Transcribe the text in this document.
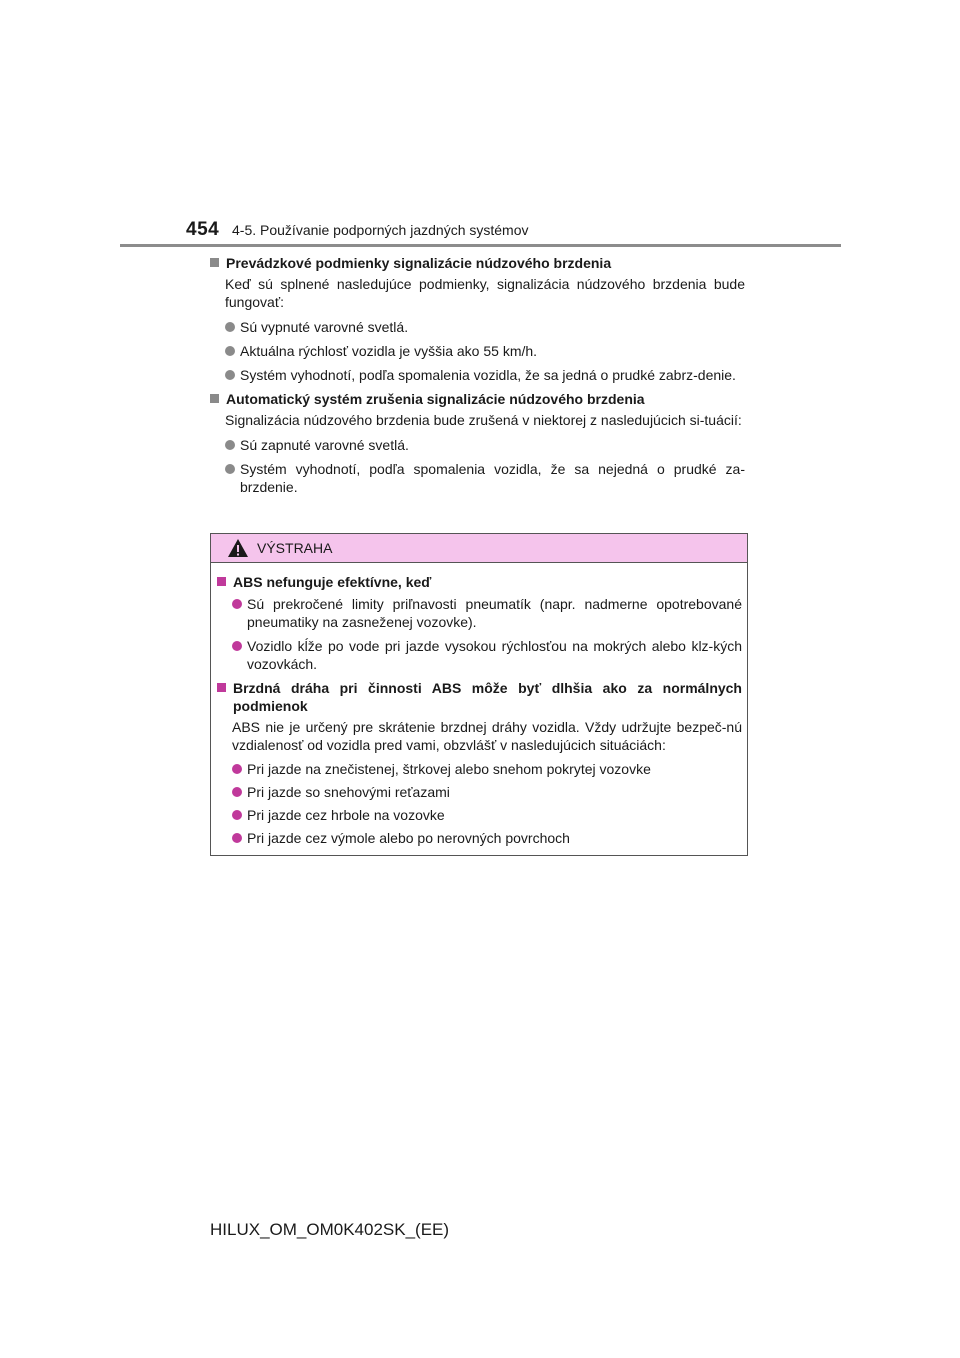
454 4-5. Používanie podporných jazdných systémov
Prevádzkové podmienky signalizácie núdzového brzdenia
Keď sú splnené nasledujúce podmienky, signalizácia núdzového brzdenia bude fungovať:
Sú vypnuté varovné svetlá.
Aktuálna rýchlosť vozidla je vyššia ako 55 km/h.
Systém vyhodnotí, podľa spomalenia vozidla, že sa jedná o prudké zabrz-denie.
Automatický systém zrušenia signalizácie núdzového brzdenia
Signalizácia núdzového brzdenia bude zrušená v niektorej z nasledujúcich si-tuácií:
Sú zapnuté varovné svetlá.
Systém vyhodnotí, podľa spomalenia vozidla, že sa nejedná o prudké za-brzdenie.
VÝSTRAHA
ABS nefunguje efektívne, keď
Sú prekročené limity priľnavosti pneumatík (napr. nadmerne opotrebované pneumatiky na zasneženej vozovke).
Vozidlo kĺže po vode pri jazde vysokou rýchlosťou na mokrých alebo klz-kých vozovkách.
Brzdná dráha pri činnosti ABS môže byť dlhšia ako za normálnych podmienok
ABS nie je určený pre skrátenie brzdnej dráhy vozidla. Vždy udržujte bezpeč-nú vzdialenosť od vozidla pred vami, obzvlášť v nasledujúcich situáciách:
Pri jazde na znečistenej, štrkovej alebo snehom pokrytej vozovke
Pri jazde so snehovými reťazami
Pri jazde cez hrbole na vozovke
Pri jazde cez výmole alebo po nerovných povrchoch
HILUX_OM_OM0K402SK_(EE)
